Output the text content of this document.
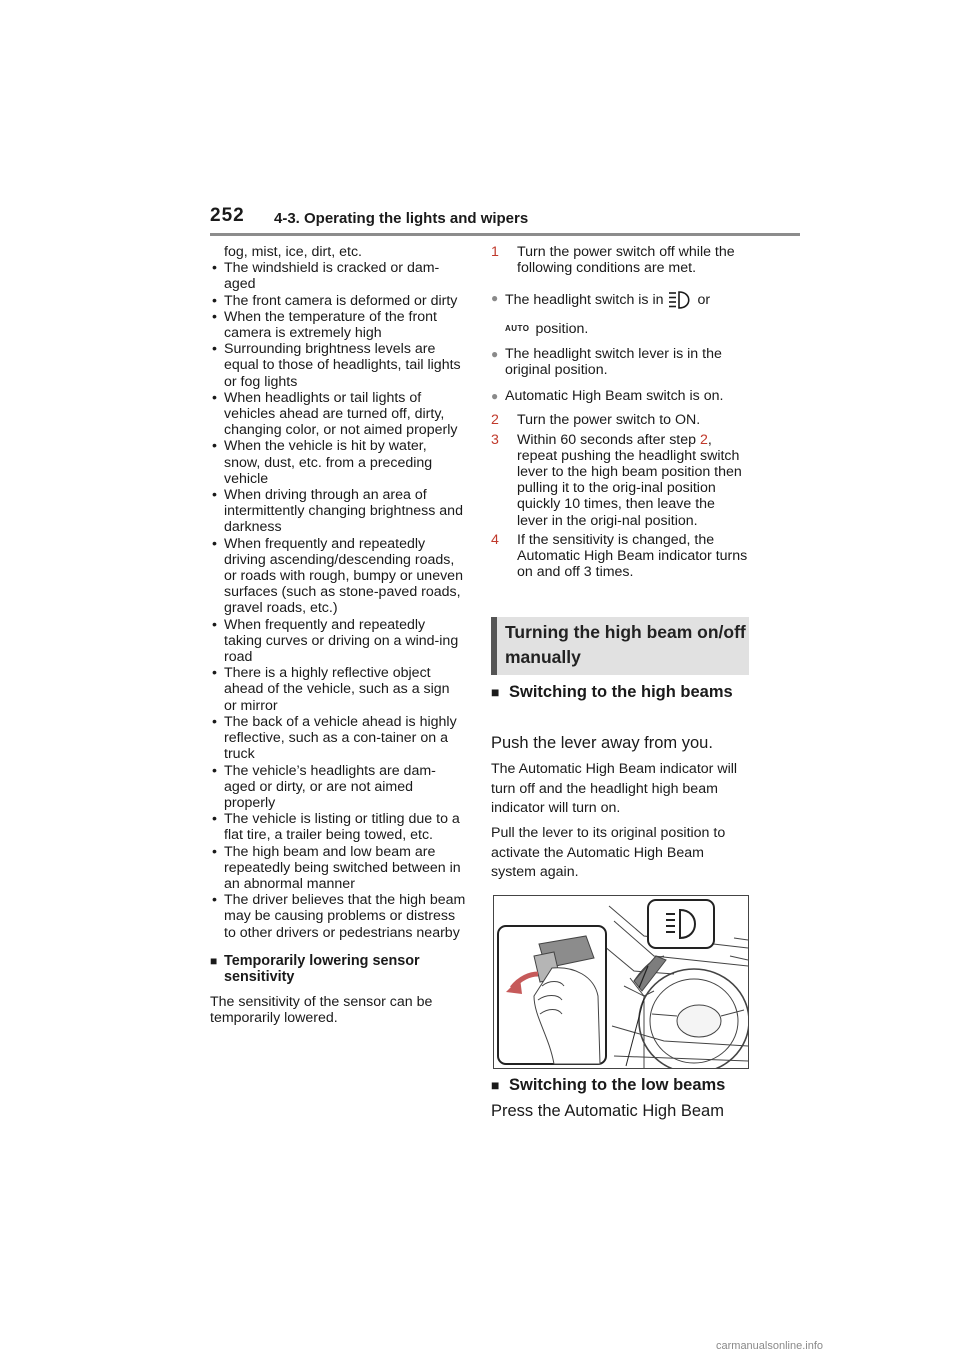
252 4-3. Operating the lights and wipers
fog, mist, ice, dirt, etc.
• The windshield is cracked or dam-aged
• The front camera is deformed or dirty
• When the temperature of the front camera is extremely high
• Surrounding brightness levels are equal to those of headlights, tail lights or fog lights
• When headlights or tail lights of vehicles ahead are turned off, dirty, changing color, or not aimed properly
• When the vehicle is hit by water, snow, dust, etc. from a preceding vehicle
• When driving through an area of intermittently changing brightness and darkness
• When frequently and repeatedly driving ascending/descending roads, or roads with rough, bumpy or uneven surfaces (such as stone-paved roads, gravel roads, etc.)
• When frequently and repeatedly taking curves or driving on a wind-ing road
• There is a highly reflective object ahead of the vehicle, such as a sign or mirror
• The back of a vehicle ahead is highly reflective, such as a con-tainer on a truck
• The vehicle’s headlights are dam-aged or dirty, or are not aimed properly
• The vehicle is listing or titling due to a flat tire, a trailer being towed, etc.
• The high beam and low beam are repeatedly being switched between in an abnormal manner
• The driver believes that the high beam may be causing problems or distress to other drivers or pedestrians nearby
■ Temporarily lowering sensor sensitivity
The sensitivity of the sensor can be temporarily lowered.
1 Turn the power switch off while the following conditions are met.
● The headlight switch is in or
AUTO position.
● The headlight switch lever is in the original position.
● Automatic High Beam switch is on.
2 Turn the power switch to ON.
3 Within 60 seconds after step 2, repeat pushing the headlight switch lever to the high beam position then pulling it to the orig-inal position quickly 10 times, then leave the lever in the origi-nal position.
4 If the sensitivity is changed, the Automatic High Beam indicator turns on and off 3 times.
Turning the high beam on/off manually
■ Switching to the high beams
Push the lever away from you.
The Automatic High Beam indicator will turn off and the headlight high beam indicator will turn on.
Pull the lever to its original position to activate the Automatic High Beam system again.
■ Switching to the low beams
Press the Automatic High Beam
carmanualsonline.info
